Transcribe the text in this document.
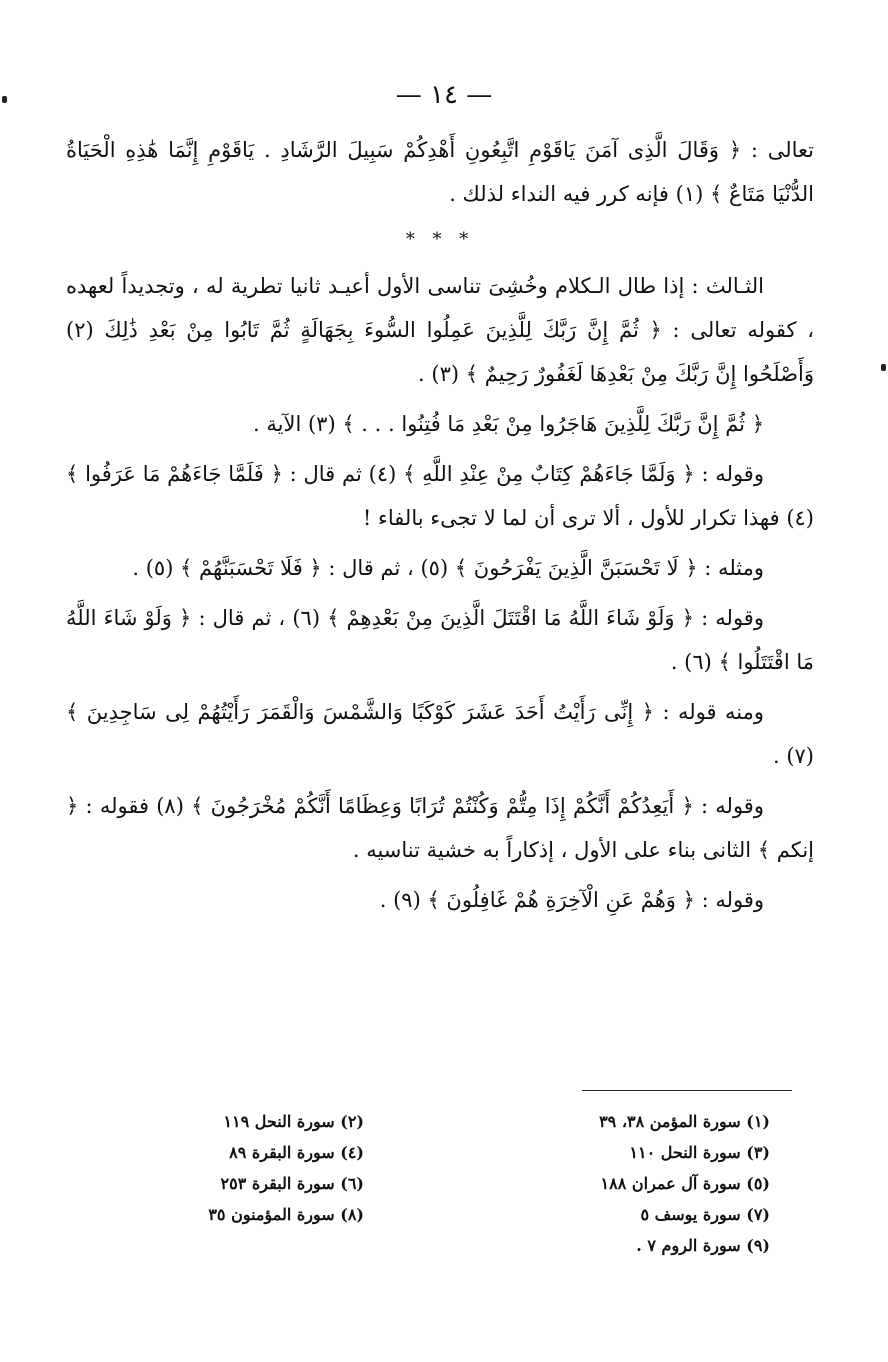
— ١٤ —

تعالى : ﴿ وَقَالَ الَّذِى آمَنَ يَاقَوْمِ اتَّبِعُونِ أَهْدِكُمْ سَبِيلَ الرَّشَادِ . يَاقَوْمِ إِنَّمَا هَٰذِهِ الْحَيَاةُ الدُّنْيَا مَتَاعٌ ﴾ (١) فإنه كرر فيه النداء لذلك .

* * *

الثـالث : إذا طال الـكلام وخُشِىَ تناسى الأول أعيـد ثانيا تطرية له ، وتجديداً لعهده ، كقوله تعالى : ﴿ ثُمَّ إِنَّ رَبَّكَ لِلَّذِينَ عَمِلُوا السُّوءَ بِجَهَالَةٍ ثُمَّ تَابُوا مِنْ بَعْدِ ذَٰلِكَ (٢) وَأَصْلَحُوا إِنَّ رَبَّكَ مِنْ بَعْدِهَا لَغَفُورٌ رَحِيمٌ ﴾ (٣) .

﴿ ثُمَّ إِنَّ رَبَّكَ لِلَّذِينَ هَاجَرُوا مِنْ بَعْدِ مَا فُتِنُوا . . . ﴾ (٣) الآية .

وقوله : ﴿ وَلَمَّا جَاءَهُمْ كِتَابٌ مِنْ عِنْدِ اللَّهِ ﴾ (٤) ثم قال : ﴿ فَلَمَّا جَاءَهُمْ مَا عَرَفُوا ﴾ (٤) فهذا تكرار للأول ، ألا ترى أن لما لا تجىء بالفاء !

ومثله : ﴿ لَا تَحْسَبَنَّ الَّذِينَ يَفْرَحُونَ ﴾ (٥) ، ثم قال : ﴿ فَلَا تَحْسَبَنَّهُمْ ﴾ (٥) .

وقوله : ﴿ وَلَوْ شَاءَ اللَّهُ مَا اقْتَتَلَ الَّذِينَ مِنْ بَعْدِهِمْ ﴾ (٦) ، ثم قال : ﴿ وَلَوْ شَاءَ اللَّهُ مَا اقْتَتَلُوا ﴾ (٦) .

ومنه قوله : ﴿ إِنِّى رَأَيْتُ أَحَدَ عَشَرَ كَوْكَبًا وَالشَّمْسَ وَالْقَمَرَ رَأَيْتُهُمْ لِى سَاجِدِينَ ﴾ (٧) .

وقوله : ﴿ أَيَعِدُكُمْ أَنَّكُمْ إِذَا مِتُّمْ وَكُنْتُمْ تُرَابًا وَعِظَامًا أَنَّكُمْ مُخْرَجُونَ ﴾ (٨) فقوله : ﴿ إنكم ﴾ الثانى بناء على الأول ، إذكاراً به خشية تناسيه .

وقوله : ﴿ وَهُمْ عَنِ الْآخِرَةِ هُمْ غَافِلُونَ ﴾ (٩) .

(١) سورة المؤمن ٣٨، ٣٩
(٣) سورة النحل ١١٠
(٥) سورة آل عمران ١٨٨
(٧) سورة يوسف ٥
(٩) سورة الروم ٧ .
(٢) سورة النحل ١١٩
(٤) سورة البقرة ٨٩
(٦) سورة البقرة ٢٥٣
(٨) سورة المؤمنون ٣٥
